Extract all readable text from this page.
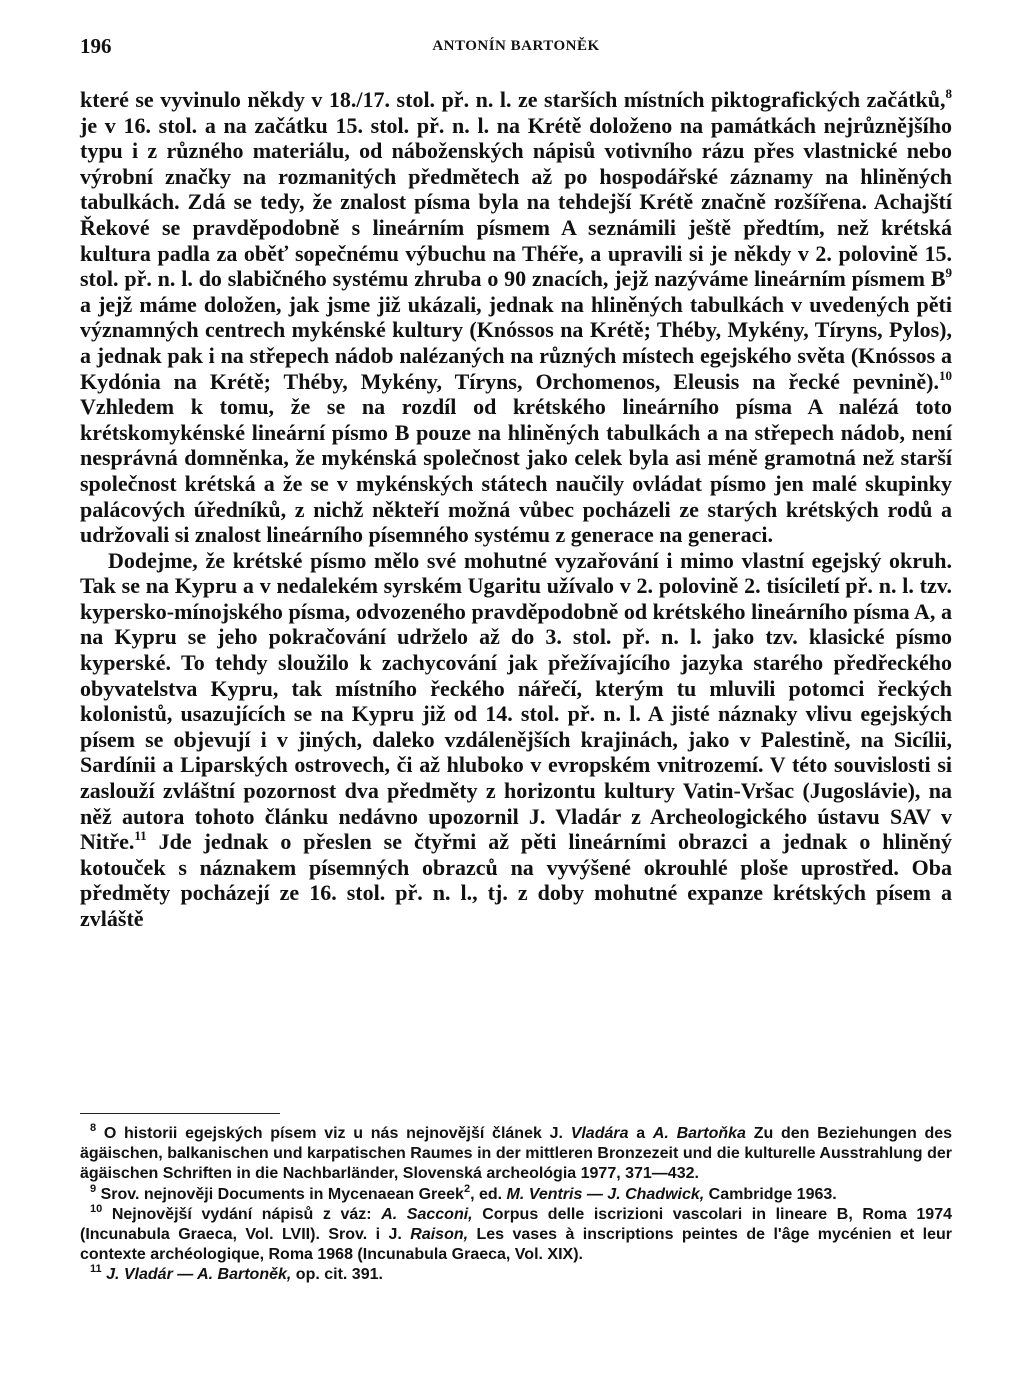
196	ANTONÍN BARTONĚK

které se vyvinulo někdy v 18./17. stol. př. n. l. ze starších místních piktografických začátků,$^8$ je v 16. stol. a na začátku 15. stol. př. n. l. na Krétě doloženo na památkách nejrůznějšího typu i z různého materiálu, od náboženských nápisů votivního rázu přes vlastnické nebo výrobní značky na rozmanitých předmětech až po hospodářské záznamy na hliněných tabulkách. Zdá se tedy, že znalost písma byla na tehdejší Krétě značně rozšířena. Achajští Řekové se pravděpodobně s lineárním písmem A seznámili ještě předtím, než krétská kultura padla za oběť sopečnému výbuchu na Théře, a upravili si je někdy v 2. polovině 15. stol. př. n. l. do slabičného systému zhruba o 90 znacích, jejž nazýváme lineárním písmem $B^9$ a jejž máme doložen, jak jsme již ukázali, jednak na hliněných tabulkách v uvedených pěti významných centrech mykénské kultury (Knóssos na Krétě; Théby, Mykény, Tíryns, Pylos), a jednak pak i na střepech nádob nalézaných na různých místech egejského světa (Knóssos a Kydónia na Krétě; Théby, Mykény, Tíryns, Orchomenos, Eleusis na řecké pevnině).$^{10}$ Vzhledem k tomu, že se na rozdíl od krétského lineárního písma A nalézá toto krétskomykénské lineární písmo B pouze na hliněných tabulkách a na střepech nádob, není nesprávná domněnka, že mykénská společnost jako celek byla asi méně gramotná než starší společnost krétská a že se v mykénských státech naučily ovládat písmo jen malé skupinky palácových úředníků, z nichž někteří možná vůbec pocházeli ze starých krétských rodů a udržovali si znalost lineárního písemného systému z generace na generaci.

Dodejme, že krétské písmo mělo své mohutné vyzařování i mimo vlastní egejský okruh. Tak se na Kypru a v nedalekém syrském Ugaritu užívalo v 2. polovině 2. tisíciletí př. n. l. tzv. kypersko-mínojského písma, odvozeného pravděpodobně od krétského lineárního písma A, a na Kypru se jeho pokračování udrželo až do 3. stol. př. n. l. jako tzv. klasické písmo kyperské. To tehdy sloužilo k zachycování jak přežívajícího jazyka starého předřeckého obyvatelstva Kypru, tak místního řeckého nářečí, kterým tu mluvili potomci řeckých kolonistů, usazujících se na Kypru již od 14. stol. př. n. l. A jisté náznaky vlivu egejských písem se objevují i v jiných, daleko vzdálenějších krajinách, jako v Palestině, na Sicílii, Sardínii a Liparských ostrovech, či až hluboko v evropském vnitrozemí. V této souvislosti si zaslouží zvláštní pozornost dva předměty z horizontu kultury Vatin-Vršac (Jugoslávie), na něž autora tohoto článku nedávno upozornil J. Vladár z Archeologického ústavu SAV v Nitře.$^{11}$ Jde jednak o přeslen se čtyřmi až pěti lineárními obrazci a jednak o hliněný kotouček s náznakem písemných obrazců na vyvýšené okrouhlé ploše uprostřed. Oba předměty pocházejí ze 16. stol. př. n. l., tj. z doby mohutné expanze krétských písem a zvláště

$^8$ O historii egejských písem viz u nás nejnovější článek J. Vladára a A. Bartoňka Zu den Beziehungen des ägäischen, balkanischen und karpatischen Raumes in der mittleren Bronzezeit und die kulturelle Ausstrahlung der ägäischen Schriften in die Nachbarländer, Slovenská archeológia 1977, 371—432.

$^9$ Srov. nejnověji Documents in Mycenaean Greek$^2$, ed. M. Ventris — J. Chadwick, Cambridge 1963.

$^{10}$ Nejnovější vydání nápisů z váz: A. Sacconi, Corpus delle iscrizioni vascolari in lineare B, Roma 1974 (Incunabula Graeca, Vol. LVII). Srov. i J. Raison, Les vases à inscriptions peintes de l'âge mycénien et leur contexte archéologique, Roma 1968 (Incunabula Graeca, Vol. XIX).

$^{11}$ J. Vladár — A. Bartoněk, op. cit. 391.
